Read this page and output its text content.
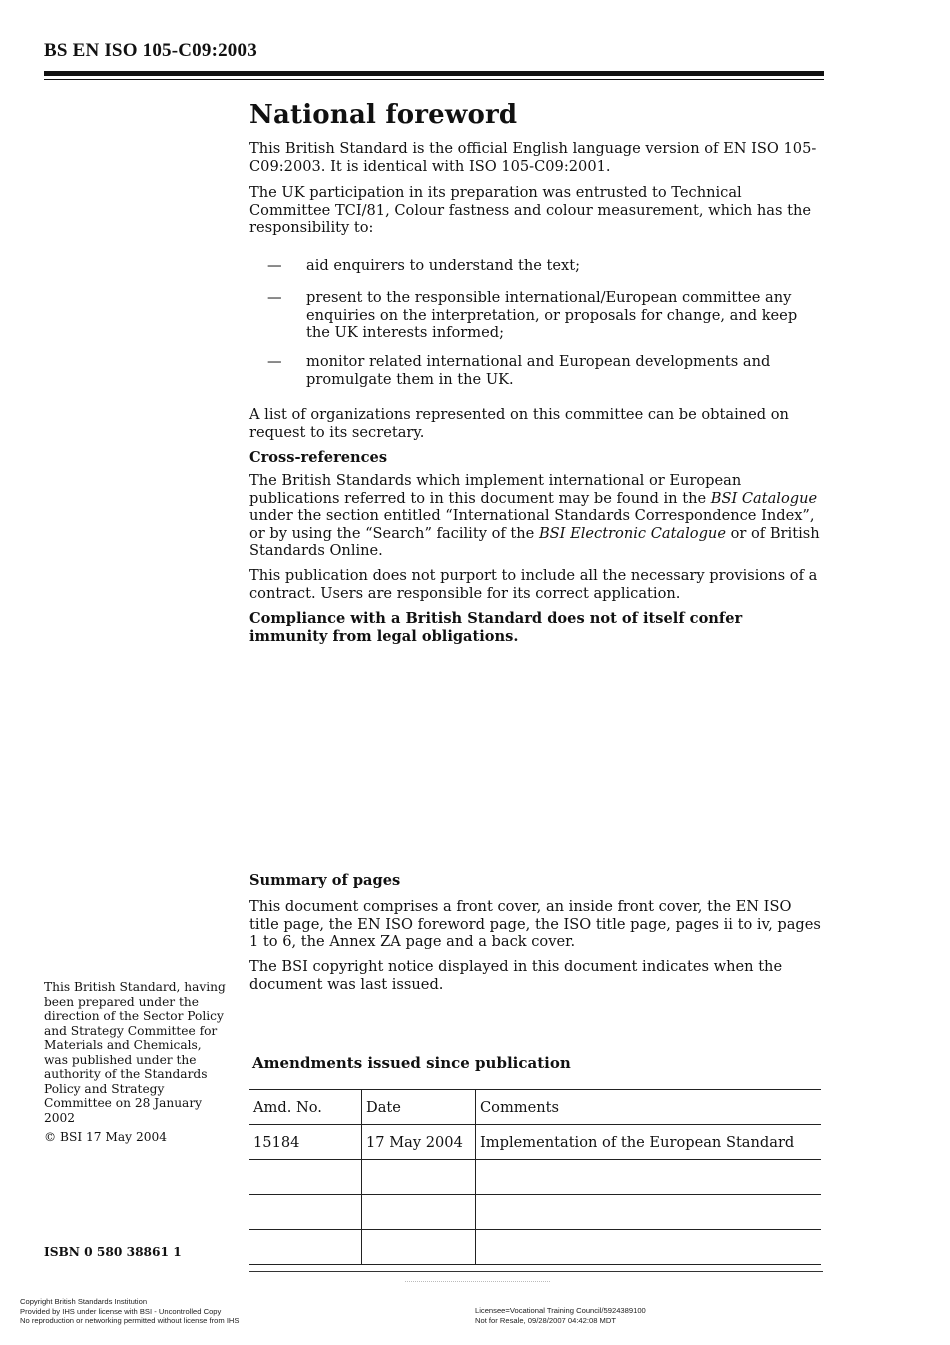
BS EN ISO 105-C09:2003
National foreword

This British Standard is the official English language version of EN ISO 105-C09:2003. It is identical with ISO 105-C09:2001.

The UK participation in its preparation was entrusted to Technical Committee TCI/81, Colour fastness and colour measurement, which has the responsibility to:

— aid enquirers to understand the text;
— present to the responsible international/European committee any enquiries on the interpretation, or proposals for change, and keep the UK interests informed;
— monitor related international and European developments and promulgate them in the UK.

A list of organizations represented on this committee can be obtained on request to its secretary.

Cross-references

The British Standards which implement international or European publications referred to in this document may be found in the BSI Catalogue under the section entitled “International Standards Correspondence Index”, or by using the “Search” facility of the BSI Electronic Catalogue or of British Standards Online.

This publication does not purport to include all the necessary provisions of a contract. Users are responsible for its correct application.

Compliance with a British Standard does not of itself confer immunity from legal obligations.

Summary of pages

This document comprises a front cover, an inside front cover, the EN ISO title page, the EN ISO foreword page, the ISO title page, pages ii to iv, pages 1 to 6, the Annex ZA page and a back cover.

The BSI copyright notice displayed in this document indicates when the document was last issued.

This British Standard, having been prepared under the direction of the Sector Policy and Strategy Committee for Materials and Chemicals, was published under the authority of the Standards Policy and Strategy Committee on 28 January 2002
© BSI 17 May 2004
ISBN 0 580 38861 1
Amendments issued since publication
Amd. No.	Date	Comments
15184	17 May 2004	Implementation of the European Standard

Copyright British Standards Institution
Provided by IHS under license with BSI - Uncontrolled Copy
No reproduction or networking permitted without license from IHS
Licensee=Vocational Training Council/5924389100
Not for Resale, 09/28/2007 04:42:08 MDT
